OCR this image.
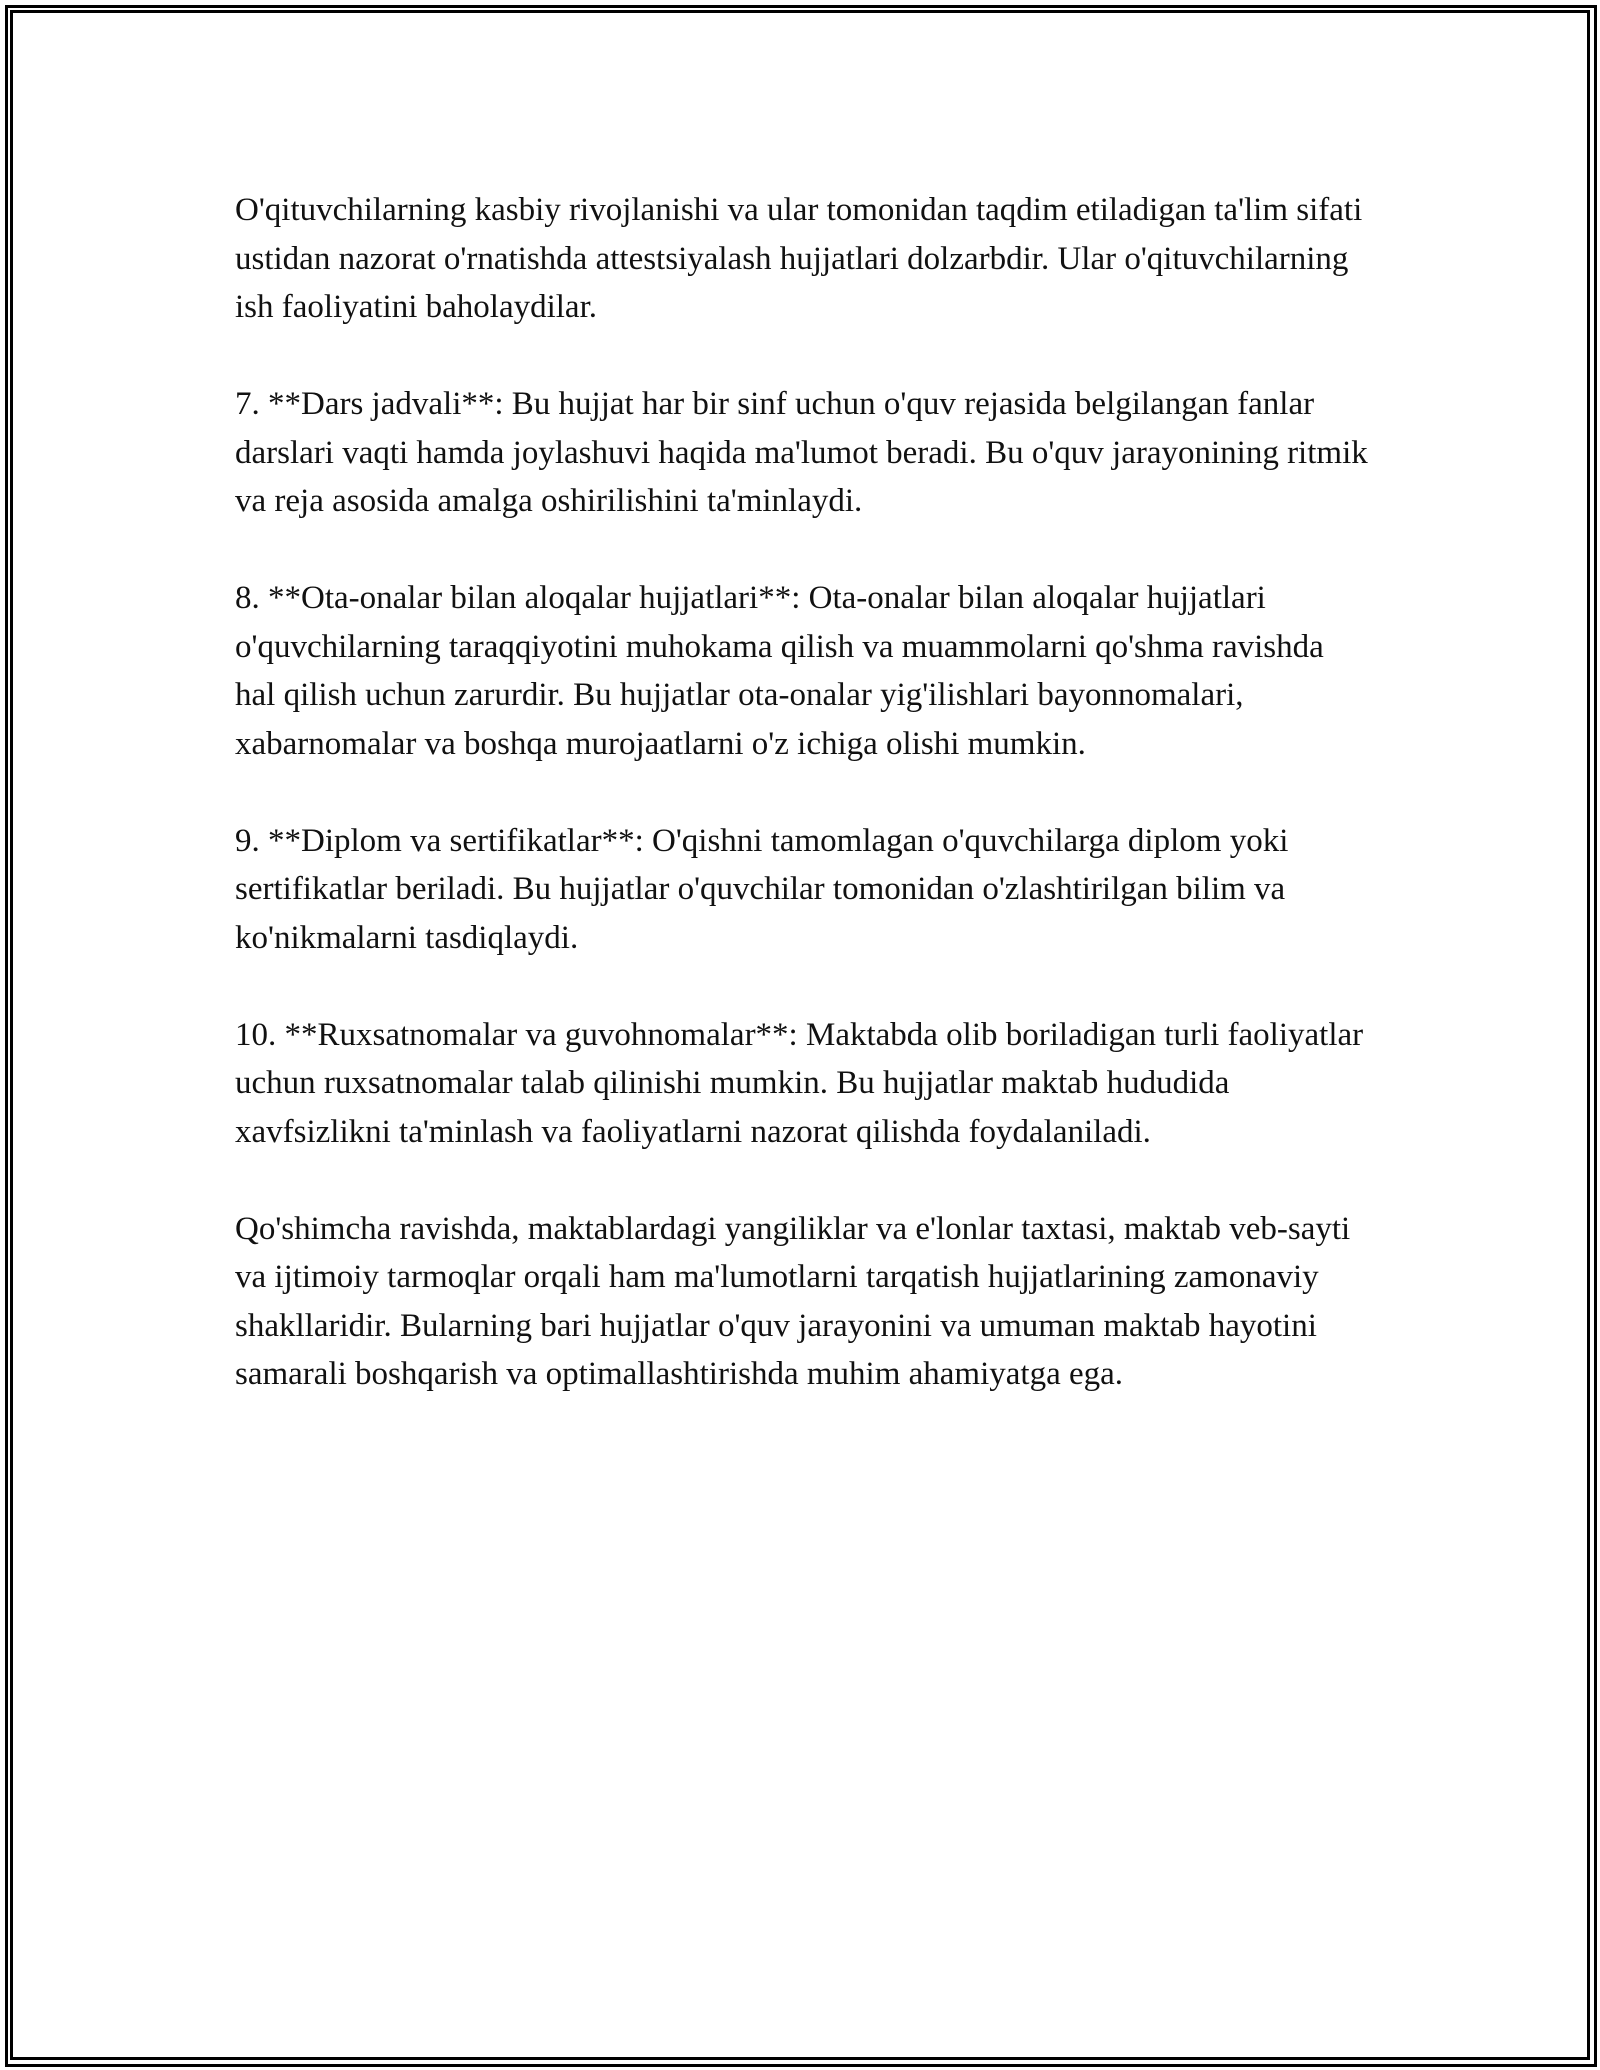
O'qituvchilarning kasbiy rivojlanishi va ular tomonidan taqdim etiladigan ta'lim sifati ustidan nazorat o'rnatishda attestsiyalash hujjatlari dolzarbdir. Ular o'qituvchilarning ish faoliyatini baholaydilar.

7. **Dars jadvali**: Bu hujjat har bir sinf uchun o'quv rejasida belgilangan fanlar darslari vaqti hamda joylashuvi haqida ma'lumot beradi. Bu o'quv jarayonining ritmik va reja asosida amalga oshirilishini ta'minlaydi.

8. **Ota-onalar bilan aloqalar hujjatlari**: Ota-onalar bilan aloqalar hujjatlari o'quvchilarning taraqqiyotini muhokama qilish va muammolarni qo'shma ravishda hal qilish uchun zarurdir. Bu hujjatlar ota-onalar yig'ilishlari bayonnomalari, xabarnomalar va boshqa murojaatlarni o'z ichiga olishi mumkin.

9. **Diplom va sertifikatlar**: O'qishni tamomlagan o'quvchilarga diplom yoki sertifikatlar beriladi. Bu hujjatlar o'quvchilar tomonidan o'zlashtirilgan bilim va ko'nikmalarni tasdiqlaydi.

10. **Ruxsatnomalar va guvohnomalar**: Maktabda olib boriladigan turli faoliyatlar uchun ruxsatnomalar talab qilinishi mumkin. Bu hujjatlar maktab hududida xavfsizlikni ta'minlash va faoliyatlarni nazorat qilishda foydalaniladi.

Qo'shimcha ravishda, maktablardagi yangiliklar va e'lonlar taxtasi, maktab veb-sayti va ijtimoiy tarmoqlar orqali ham ma'lumotlarni tarqatish hujjatlarining zamonaviy shakllaridir. Bularning bari hujjatlar o'quv jarayonini va umuman maktab hayotini samarali boshqarish va optimallashtirishda muhim ahamiyatga ega.
